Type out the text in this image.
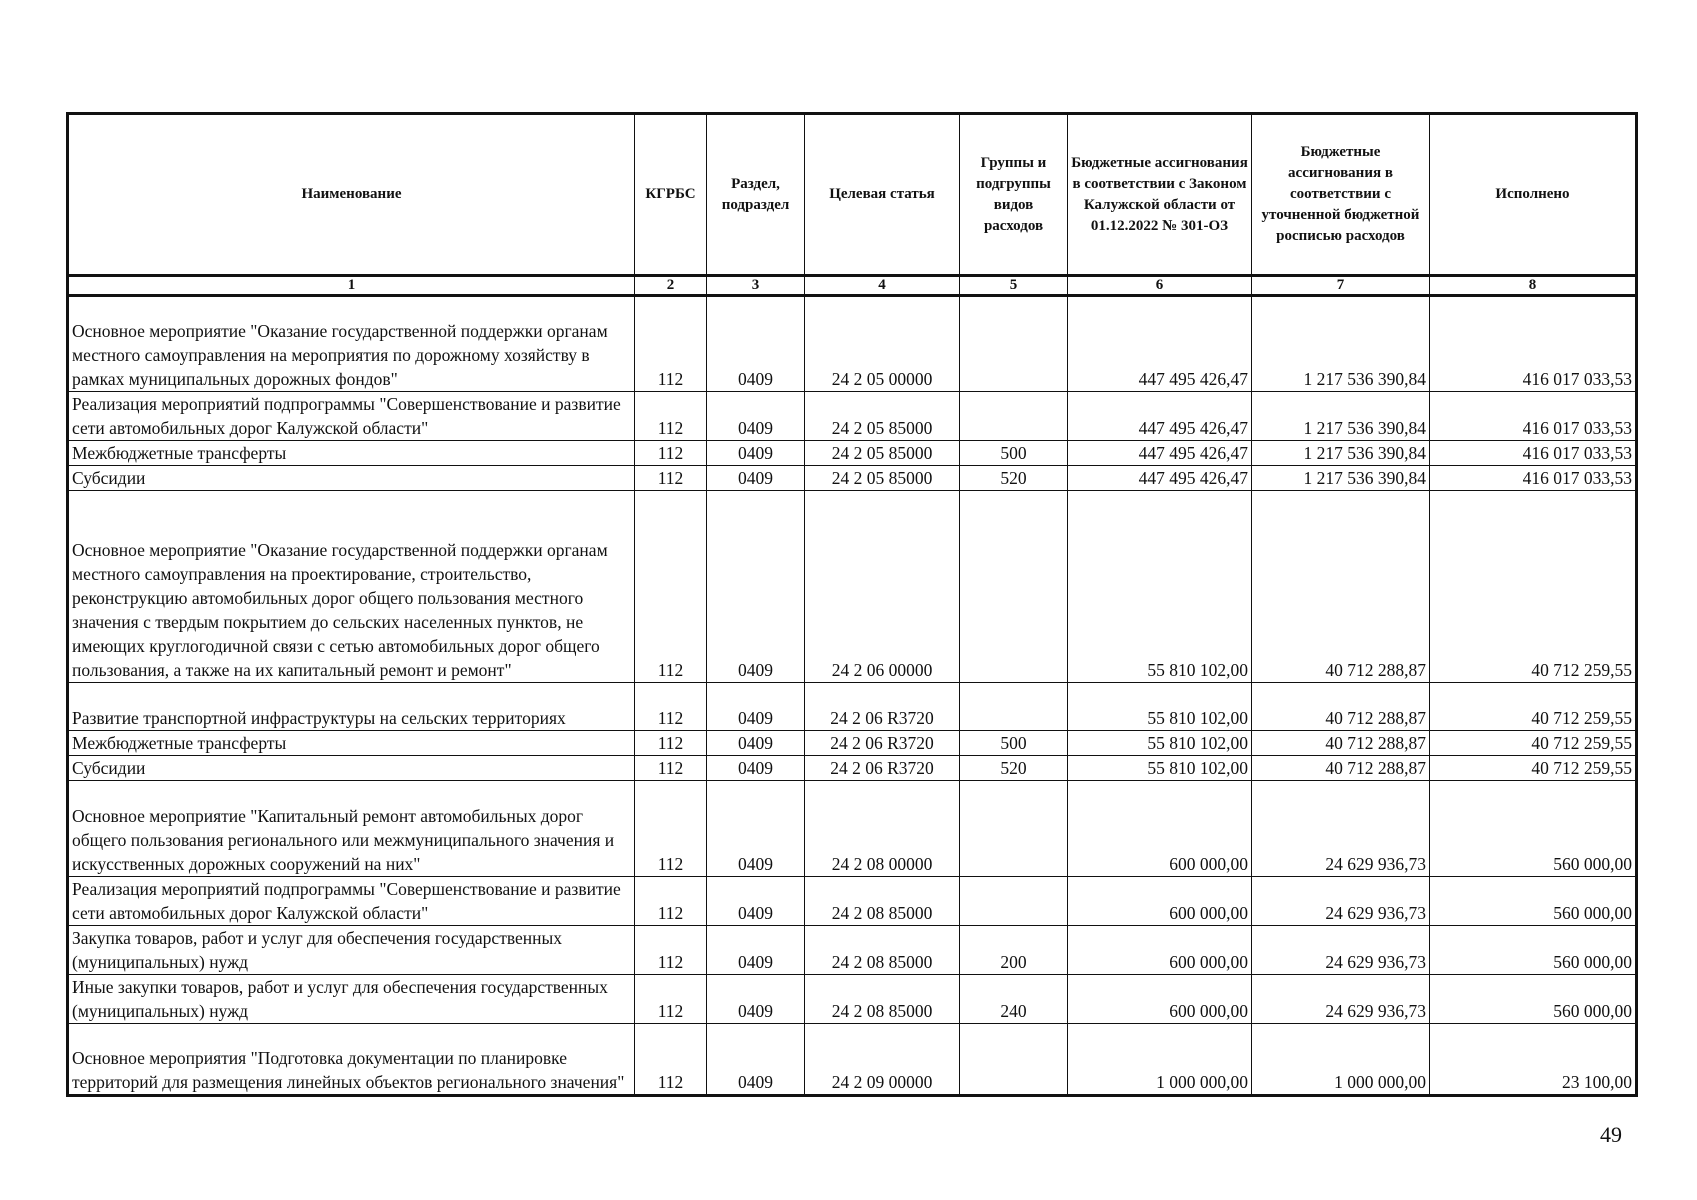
Наименование	КГРБС	Раздел, подраздел	Целевая статья	Группы и подгруппы видов расходов	Бюджетные ассигнования в соответствии с Законом Калужской области от 01.12.2022 № 301-ОЗ	Бюджетные ассигнования в соответствии с уточненной бюджетной росписью расходов	Исполнено
1	2	3	4	5	6	7	8
Основное мероприятие "Оказание государственной поддержки органам местного самоуправления на мероприятия по дорожному хозяйству в рамках муниципальных дорожных фондов"	112	0409	24 2 05 00000		447 495 426,47	1 217 536 390,84	416 017 033,53
Реализация мероприятий подпрограммы "Совершенствование и развитие сети автомобильных дорог Калужской области"	112	0409	24 2 05 85000		447 495 426,47	1 217 536 390,84	416 017 033,53
Межбюджетные трансферты	112	0409	24 2 05 85000	500	447 495 426,47	1 217 536 390,84	416 017 033,53
Субсидии	112	0409	24 2 05 85000	520	447 495 426,47	1 217 536 390,84	416 017 033,53
Основное мероприятие "Оказание государственной поддержки органам местного самоуправления на проектирование, строительство, реконструкцию автомобильных дорог общего пользования местного значения с твердым покрытием до сельских населенных пунктов, не имеющих круглогодичной связи с сетью автомобильных дорог общего пользования, а также на их капитальный ремонт и ремонт"	112	0409	24 2 06 00000		55 810 102,00	40 712 288,87	40 712 259,55
Развитие транспортной инфраструктуры на сельских территориях	112	0409	24 2 06 R3720		55 810 102,00	40 712 288,87	40 712 259,55
Межбюджетные трансферты	112	0409	24 2 06 R3720	500	55 810 102,00	40 712 288,87	40 712 259,55
Субсидии	112	0409	24 2 06 R3720	520	55 810 102,00	40 712 288,87	40 712 259,55
Основное мероприятие "Капитальный ремонт автомобильных дорог общего пользования регионального или межмуниципального значения и искусственных дорожных сооружений на них"	112	0409	24 2 08 00000		600 000,00	24 629 936,73	560 000,00
Реализация мероприятий подпрограммы "Совершенствование и развитие сети автомобильных дорог Калужской области"	112	0409	24 2 08 85000		600 000,00	24 629 936,73	560 000,00
Закупка товаров, работ и услуг для обеспечения государственных (муниципальных) нужд	112	0409	24 2 08 85000	200	600 000,00	24 629 936,73	560 000,00
Иные закупки товаров, работ и услуг для обеспечения государственных (муниципальных) нужд	112	0409	24 2 08 85000	240	600 000,00	24 629 936,73	560 000,00
Основное мероприятия "Подготовка документации по планировке территорий для размещения линейных объектов регионального значения"	112	0409	24 2 09 00000		1 000 000,00	1 000 000,00	23 100,00
49
